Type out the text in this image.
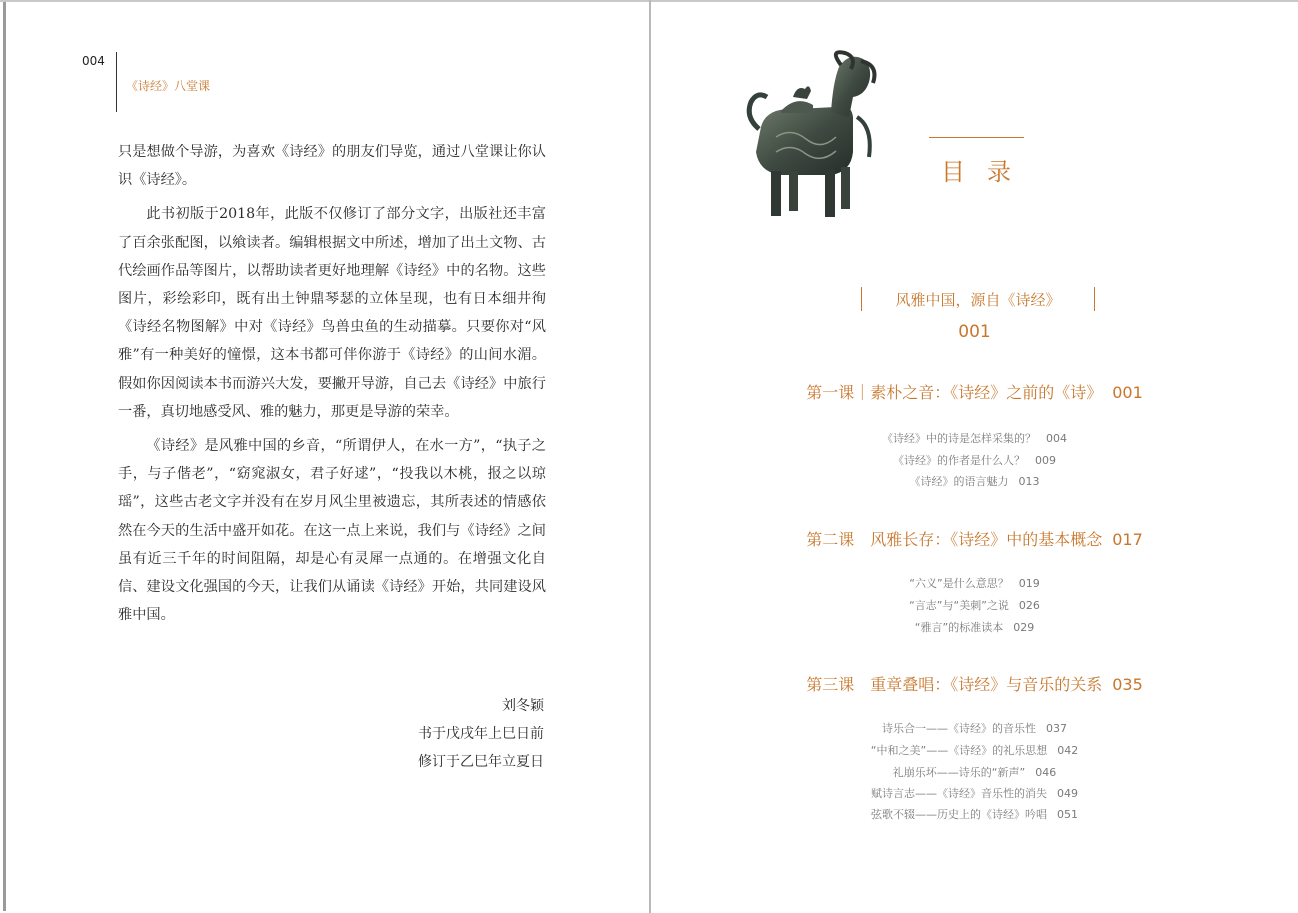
004
《诗经》八堂课

只是想做个导游，为喜欢《诗经》的朋友们导览，通过八堂课让你认识《诗经》。

此书初版于2018年，此版不仅修订了部分文字，出版社还丰富了百余张配图，以飨读者。编辑根据文中所述，增加了出土文物、古代绘画作品等图片，以帮助读者更好地理解《诗经》中的名物。这些图片，彩绘彩印，既有出土钟鼎琴瑟的立体呈现，也有日本细井徇《诗经名物图解》中对《诗经》鸟兽虫鱼的生动描摹。只要你对“风雅”有一种美好的憧憬，这本书都可伴你游于《诗经》的山间水湄。假如你因阅读本书而游兴大发，要撇开导游，自己去《诗经》中旅行一番，真切地感受风、雅的魅力，那更是导游的荣幸。

《诗经》是风雅中国的乡音，“所谓伊人，在水一方”，“执子之手，与子偕老”，“窈窕淑女，君子好逑”，“投我以木桃，报之以琼瑶”，这些古老文字并没有在岁月风尘里被遗忘，其所表述的情感依然在今天的生活中盛开如花。在这一点上来说，我们与《诗经》之间虽有近三千年的时间阻隔，却是心有灵犀一点通的。在增强文化自信、建设文化强国的今天，让我们从诵读《诗经》开始，共同建设风雅中国。

刘冬颖
书于戊戌年上巳日前
修订于乙巳年立夏日
目录
风雅中国，源自《诗经》
001
第一课｜素朴之音：《诗经》之前的《诗》 001
《诗经》中的诗是怎样采集的？ 004
《诗经》的作者是什么人？ 009
《诗经》的语言魅力 013
第二课　风雅长存：《诗经》中的基本概念 017
“六义”是什么意思？ 019
“言志”与“美刺”之说 026
“雅言”的标准读本 029
第三课　重章叠唱：《诗经》与音乐的关系 035
诗乐合一——《诗经》的音乐性 037
“中和之美”——《诗经》的礼乐思想 042
礼崩乐坏——诗乐的“新声” 046
赋诗言志——《诗经》音乐性的消失 049
弦歌不辍——历史上的《诗经》吟唱 051
